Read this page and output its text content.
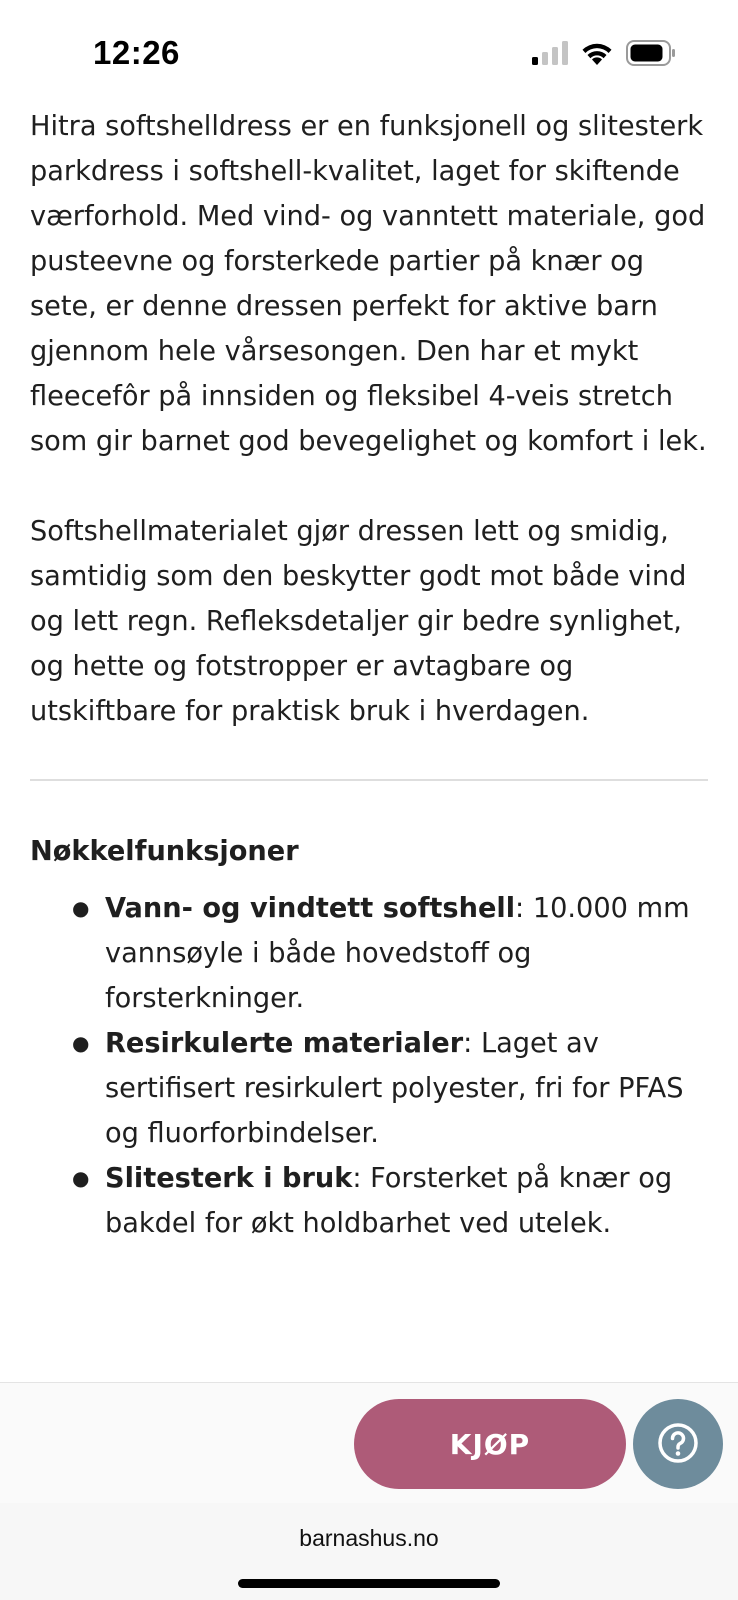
12:26

Hitra softshelldress er en funksjonell og slitesterk parkdress i softshell-kvalitet, laget for skiftende værforhold. Med vind- og vanntett materiale, god pusteevne og forsterkede partier på knær og sete, er denne dressen perfekt for aktive barn gjennom hele vårsesongen. Den har et mykt fleecefôr på innsiden og fleksibel 4-veis stretch som gir barnet god bevegelighet og komfort i lek.

Softshellmaterialet gjør dressen lett og smidig, samtidig som den beskytter godt mot både vind og lett regn. Refleksdetaljer gir bedre synlighet, og hette og fotstropper er avtagbare og utskiftbare for praktisk bruk i hverdagen.

Nøkkelfunksjoner
● Vann- og vindtett softshell: 10.000 mm vannsøyle i både hovedstoff og forsterkninger.
● Resirkulerte materialer: Laget av sertifisert resirkulert polyester, fri for PFAS og fluorforbindelser.
● Slitesterk i bruk: Forsterket på knær og bakdel for økt holdbarhet ved utelek.
KJØP
barnashus.no
